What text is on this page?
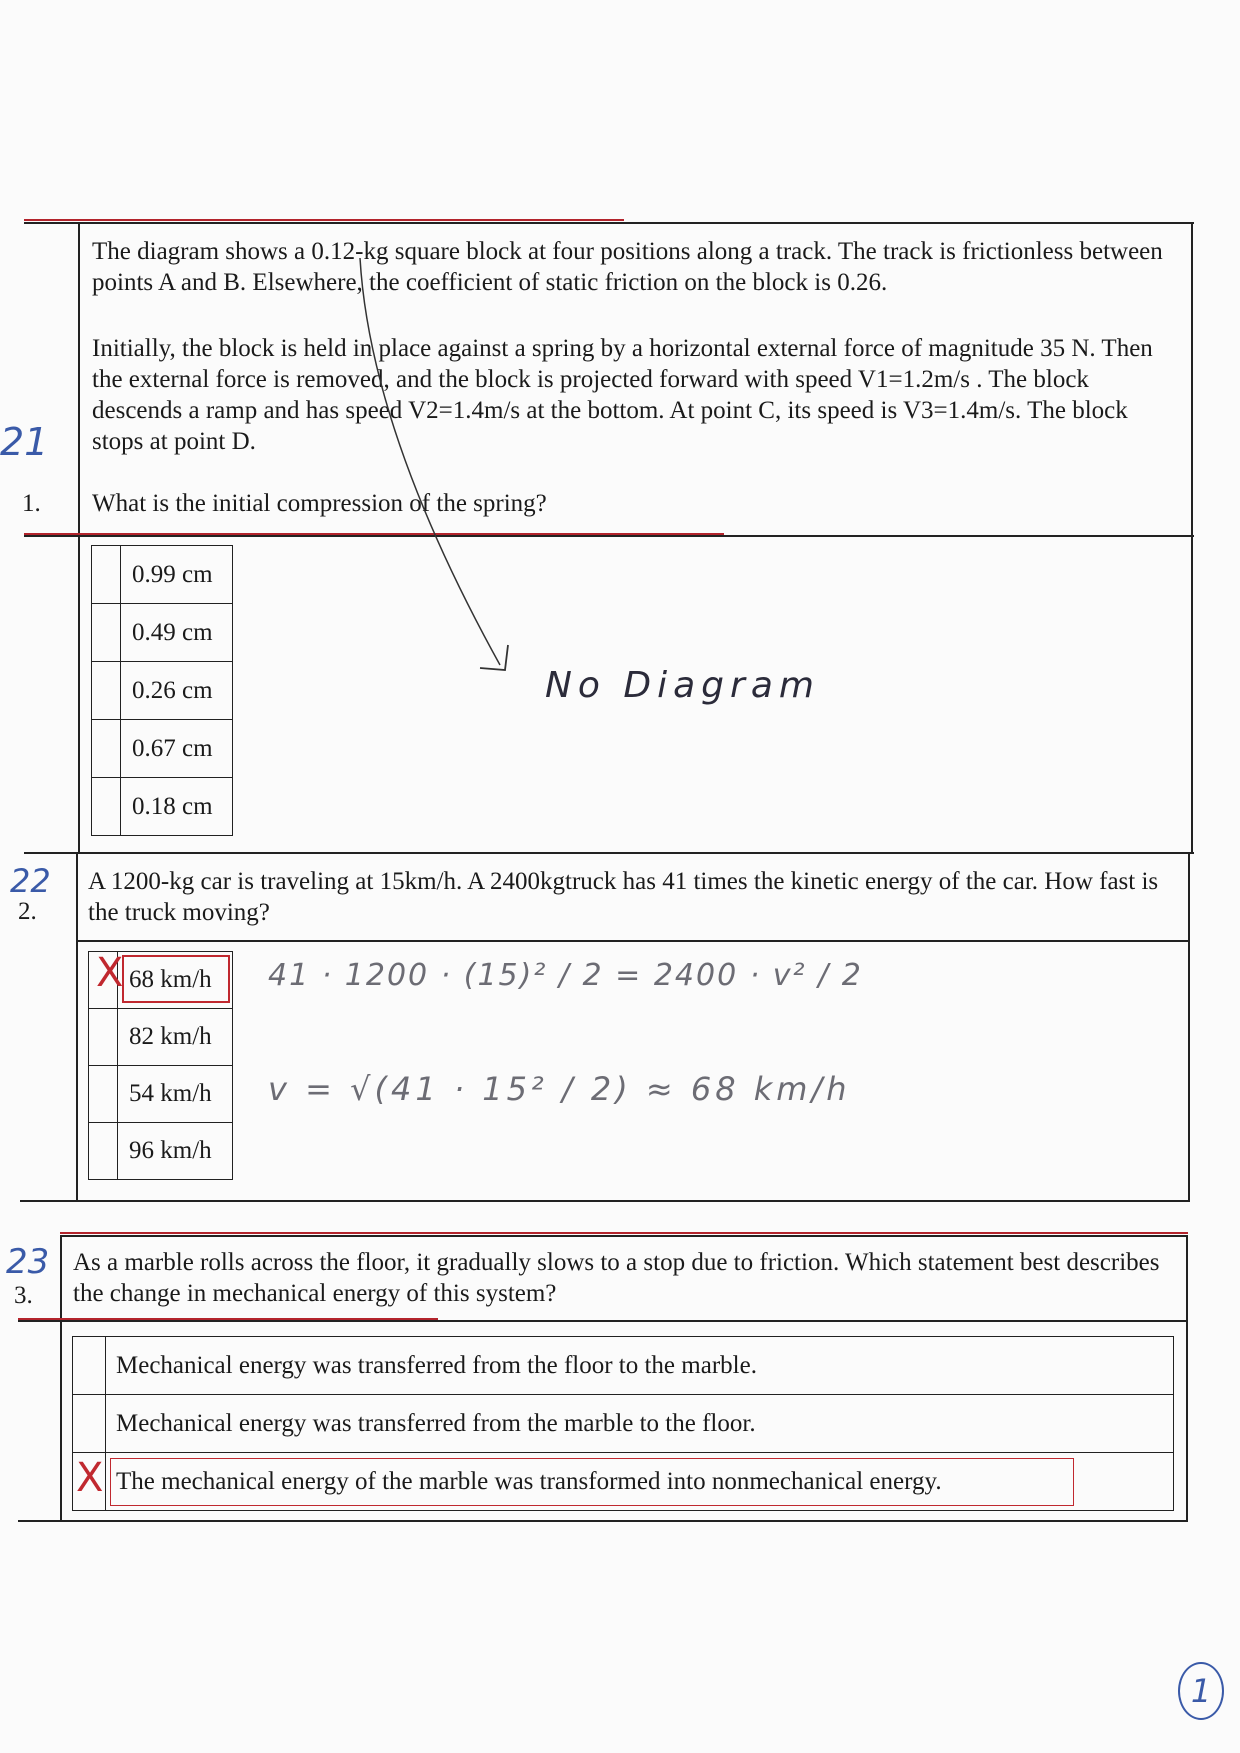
21
1.
The diagram shows a 0.12-kg square block at four positions along a track. The track is frictionless between points A and B. Elsewhere, the coefficient of static friction on the block is 0.26.
Initially, the block is held in place against a spring by a horizontal external force of magnitude 35 N. Then the external force is removed, and the block is projected forward with speed V1=1.2m/s . The block descends a ramp and has speed V2=1.4m/s at the bottom. At point C, its speed is V3=1.4m/s. The block stops at point D.
What is the initial compression of the spring?
	0.99 cm
	0.49 cm
	0.26 cm
	0.67 cm
	0.18 cm
No Diagram
22
2.
A 1200-kg car is traveling at 15km/h. A 2400kgtruck has 41 times the kinetic energy of the car. How fast is the truck moving?
	68 km/h
	82 km/h
	54 km/h
	96 km/h
X	41 · 1200 · (15)² / 2 = 2400 · v² / 2
v = √(41 · 15² / 2) ≈ 68 km/h
23
3.
As a marble rolls across the floor, it gradually slows to a stop due to friction. Which statement best describes the change in mechanical energy of this system?
	Mechanical energy was transferred from the floor to the marble.
	Mechanical energy was transferred from the marble to the floor.
	The mechanical energy of the marble was transformed into nonmechanical energy.
X
1
